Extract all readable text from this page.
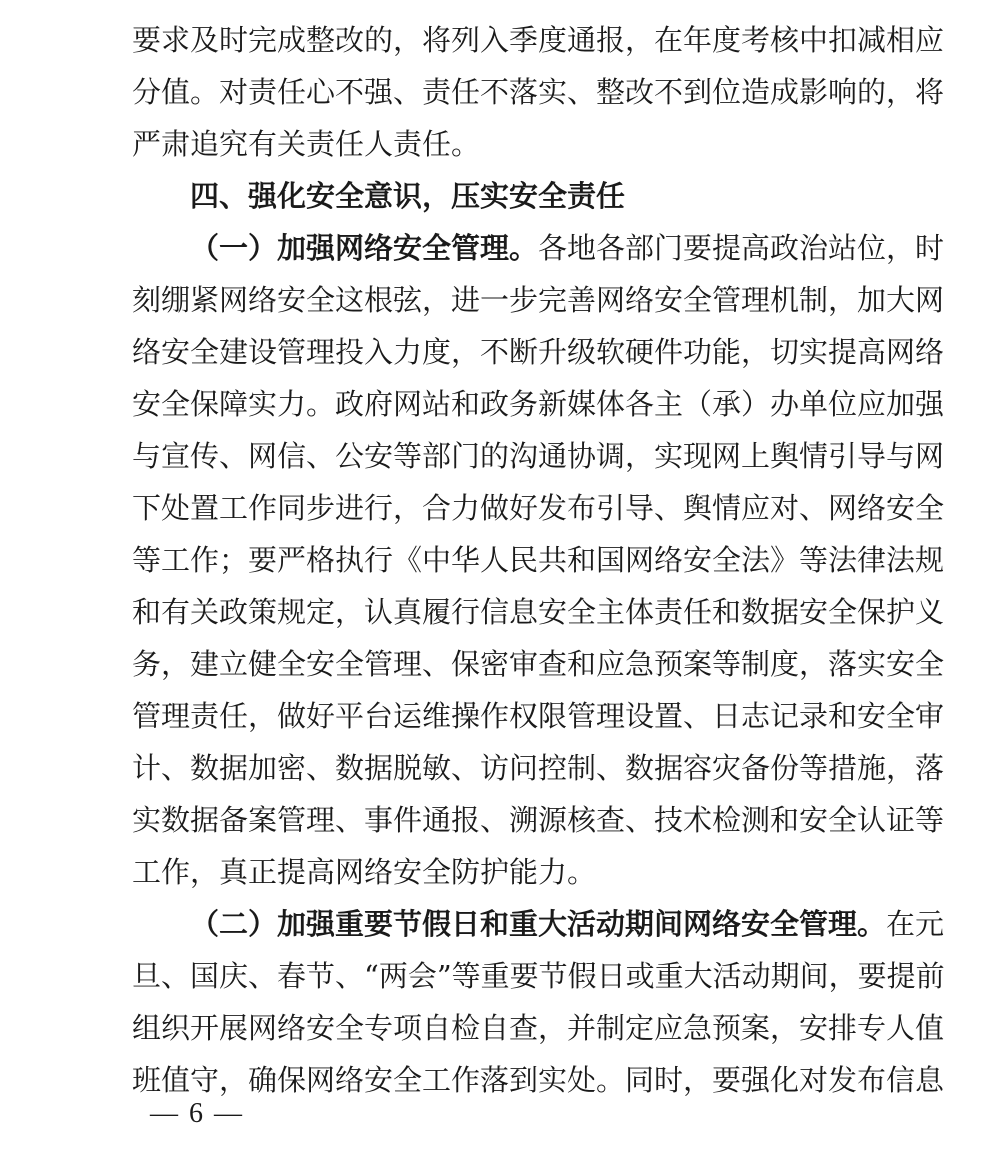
要求及时完成整改的，将列入季度通报，在年度考核中扣减相应
分值。对责任心不强、责任不落实、整改不到位造成影响的，将
严肃追究有关责任人责任。
四、强化安全意识，压实安全责任
（一）加强网络安全管理。各地各部门要提高政治站位，时
刻绷紧网络安全这根弦，进一步完善网络安全管理机制，加大网
络安全建设管理投入力度，不断升级软硬件功能，切实提高网络
安全保障实力。政府网站和政务新媒体各主（承）办单位应加强
与宣传、网信、公安等部门的沟通协调，实现网上舆情引导与网
下处置工作同步进行，合力做好发布引导、舆情应对、网络安全
等工作；要严格执行《中华人民共和国网络安全法》等法律法规
和有关政策规定，认真履行信息安全主体责任和数据安全保护义
务，建立健全安全管理、保密审查和应急预案等制度，落实安全
管理责任，做好平台运维操作权限管理设置、日志记录和安全审
计、数据加密、数据脱敏、访问控制、数据容灾备份等措施，落
实数据备案管理、事件通报、溯源核查、技术检测和安全认证等
工作，真正提高网络安全防护能力。
（二）加强重要节假日和重大活动期间网络安全管理。在元
旦、国庆、春节、“两会”等重要节假日或重大活动期间，要提前
组织开展网络安全专项自检自查，并制定应急预案，安排专人值
班值守，确保网络安全工作落到实处。同时，要强化对发布信息
— 6 —
